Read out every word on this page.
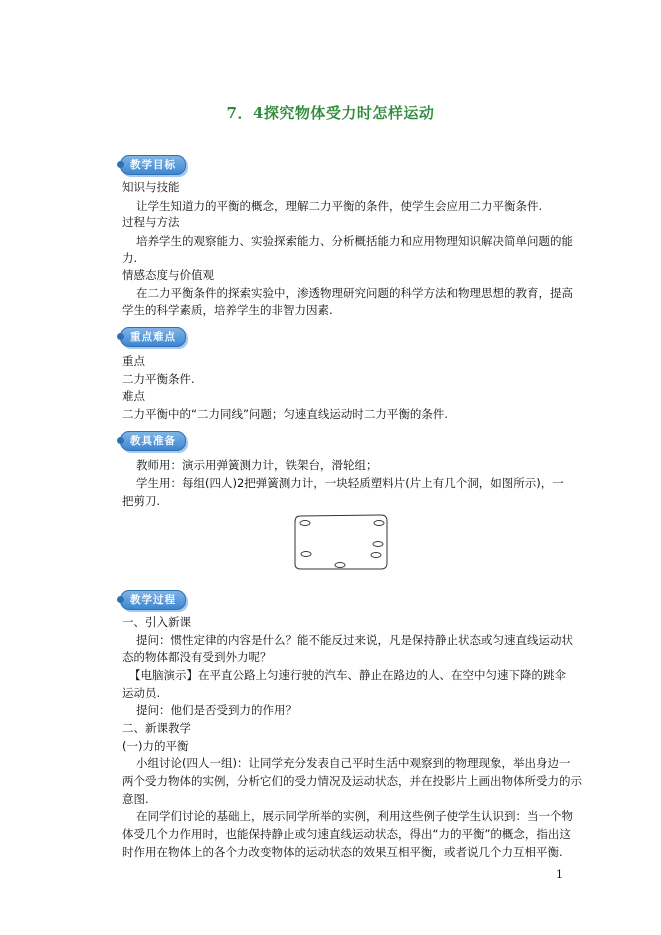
7．4探究物体受力时怎样运动
教学目标
知识与技能
让学生知道力的平衡的概念，理解二力平衡的条件，使学生会应用二力平衡条件.
过程与方法
培养学生的观察能力、实验探索能力、分析概括能力和应用物理知识解决简单问题的能
力.
情感态度与价值观
在二力平衡条件的探索实验中，渗透物理研究问题的科学方法和物理思想的教育，提高
学生的科学素质，培养学生的非智力因素.
重点难点
重点
二力平衡条件.
难点
二力平衡中的“二力同线”问题；匀速直线运动时二力平衡的条件.
教具准备
教师用：演示用弹簧测力计，铁架台，滑轮组；
学生用：每组(四人)2把弹簧测力计，一块轻质塑料片(片上有几个洞，如图所示)，一
把剪刀.
教学过程
一、引入新课
提问：惯性定律的内容是什么？能不能反过来说，凡是保持静止状态或匀速直线运动状
态的物体都没有受到外力呢？
【电脑演示】在平直公路上匀速行驶的汽车、静止在路边的人、在空中匀速下降的跳伞
运动员.
提问：他们是否受到力的作用？
二、新课教学
(一)力的平衡
小组讨论(四人一组)：让同学充分发表自己平时生活中观察到的物理现象，举出身边一
两个受力物体的实例，分析它们的受力情况及运动状态，并在投影片上画出物体所受力的示
意图.
在同学们讨论的基础上，展示同学所举的实例，利用这些例子使学生认识到：当一个物
体受几个力作用时，也能保持静止或匀速直线运动状态，得出“力的平衡”的概念，指出这
时作用在物体上的各个力改变物体的运动状态的效果互相平衡，或者说几个力互相平衡.
1
